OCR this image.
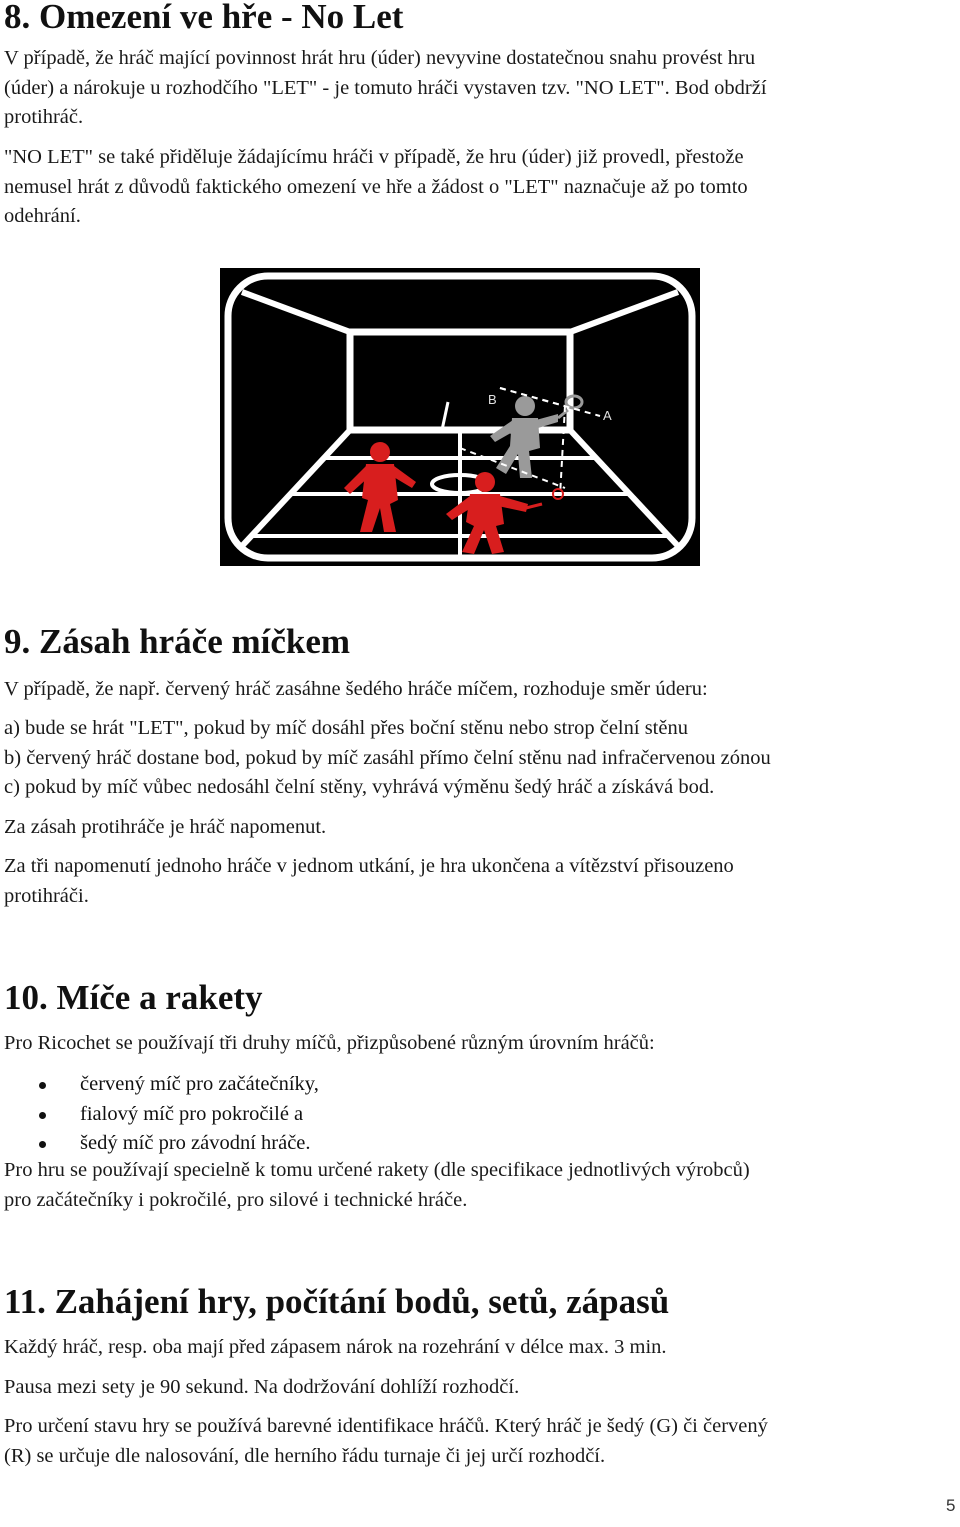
8. Omezení ve hře - No Let
V případě, že hráč mající povinnost hrát hru (úder) nevyvine dostatečnou snahu provést hru
(úder) a nárokuje u rozhodčího "LET" - je tomuto hráči vystaven tzv. "NO LET". Bod obdrží
protihráč.
"NO LET" se také přiděluje žádajícímu hráči v případě, že hru (úder) již provedl, přestože
nemusel hrát z důvodů faktického omezení ve hře a žádost o "LET" naznačuje až po tomto
odehrání.
B
A
9. Zásah hráče míčkem
V případě, že např. červený hráč zasáhne šedého hráče míčem, rozhoduje směr úderu:
a) bude se hrát "LET", pokud by míč dosáhl přes boční stěnu nebo strop čelní stěnu
b) červený hráč dostane bod, pokud by míč zasáhl přímo čelní stěnu nad infračervenou zónou
c) pokud by míč vůbec nedosáhl čelní stěny, vyhrává výměnu šedý hráč a získává bod.
Za zásah protihráče je hráč napomenut.
Za tři napomenutí jednoho hráče v jednom utkání, je hra ukončena a vítězství přisouzeno
protihráči.
10. Míče a rakety
Pro Ricochet se používají tři druhy míčů, přizpůsobené různým úrovním hráčů:
červený míč pro začátečníky,
fialový míč pro pokročilé a
šedý míč pro závodní hráče.
Pro hru se používají specielně k tomu určené rakety (dle specifikace jednotlivých výrobců)
pro začátečníky i pokročilé, pro silové i technické hráče.
11. Zahájení hry, počítání bodů, setů, zápasů
Každý hráč, resp. oba mají před zápasem nárok na rozehrání v délce max. 3 min.
Pausa mezi sety je 90 sekund. Na dodržování dohlíží rozhodčí.
Pro určení stavu hry se používá barevné identifikace hráčů. Který hráč je šedý (G) či červený
(R) se určuje dle nalosování, dle herního řádu turnaje či jej určí rozhodčí.
5
